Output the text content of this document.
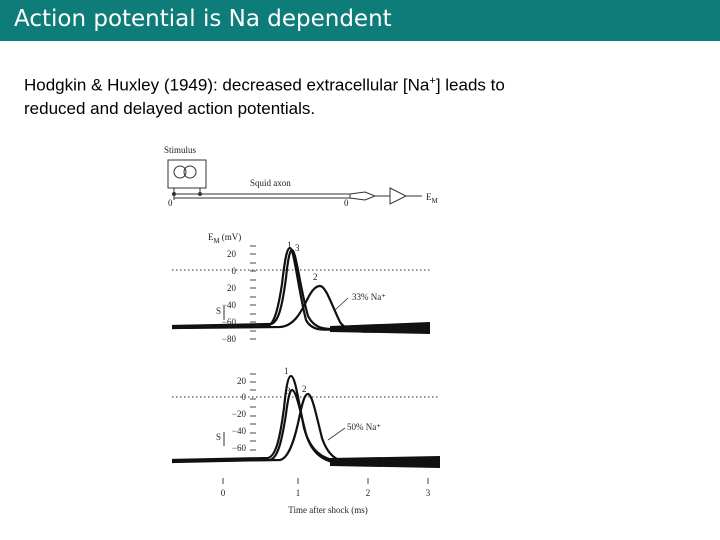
Action potential is Na dependent
Hodgkin & Huxley (1949): decreased extracellular [Na+] leads to
reduced and delayed action potentials.
Stimulus
Squid axon
0	0
$E_M$
$E_M$ (mV)
20
0
20
−40
−60
−80
S
1 3
2
33% Na⁺
20
0
−20
−40
−60
S
1
3 2
50% Na⁺
0	1	2	3
Time after shock (ms)
